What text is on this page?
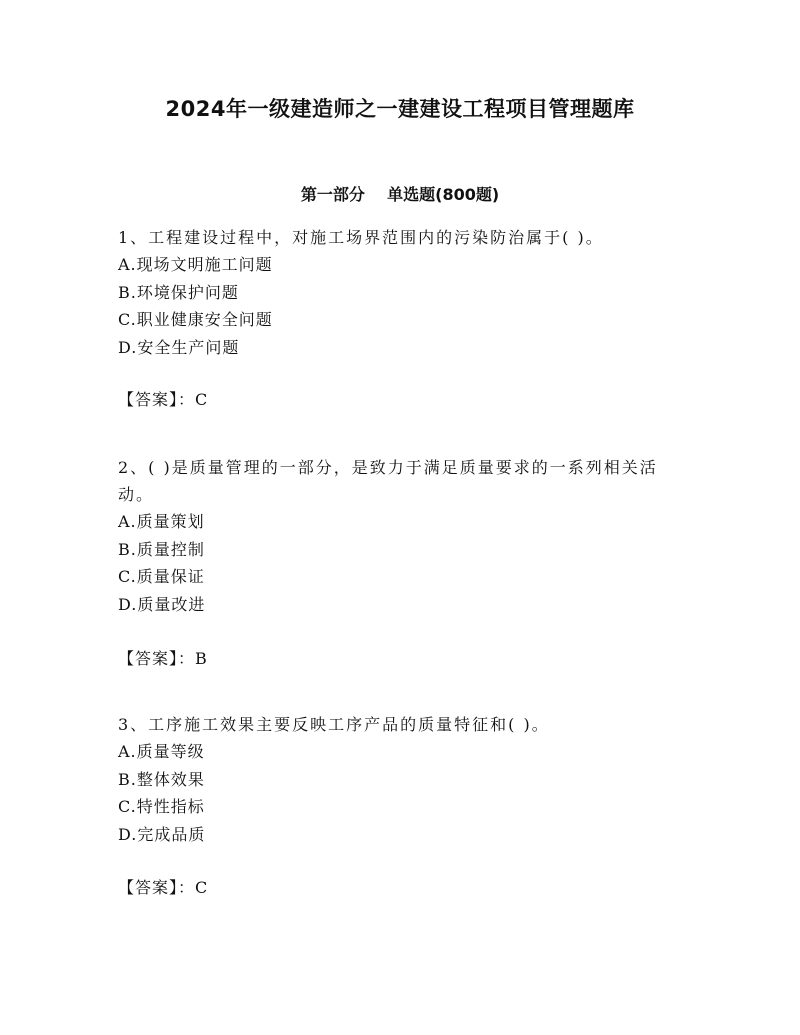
2024年一级建造师之一建建设工程项目管理题库
第一部分    单选题(800题)

1、工程建设过程中，对施工场界范围内的污染防治属于( )。

A.现场文明施工问题

B.环境保护问题

C.职业健康安全问题

D.安全生产问题

【答案】：C

2、( )是质量管理的一部分，是致力于满足质量要求的一系列相关活动。

A.质量策划

B.质量控制

C.质量保证

D.质量改进

【答案】：B

3、工序施工效果主要反映工序产品的质量特征和( )。

A.质量等级

B.整体效果

C.特性指标

D.完成品质

【答案】：C
